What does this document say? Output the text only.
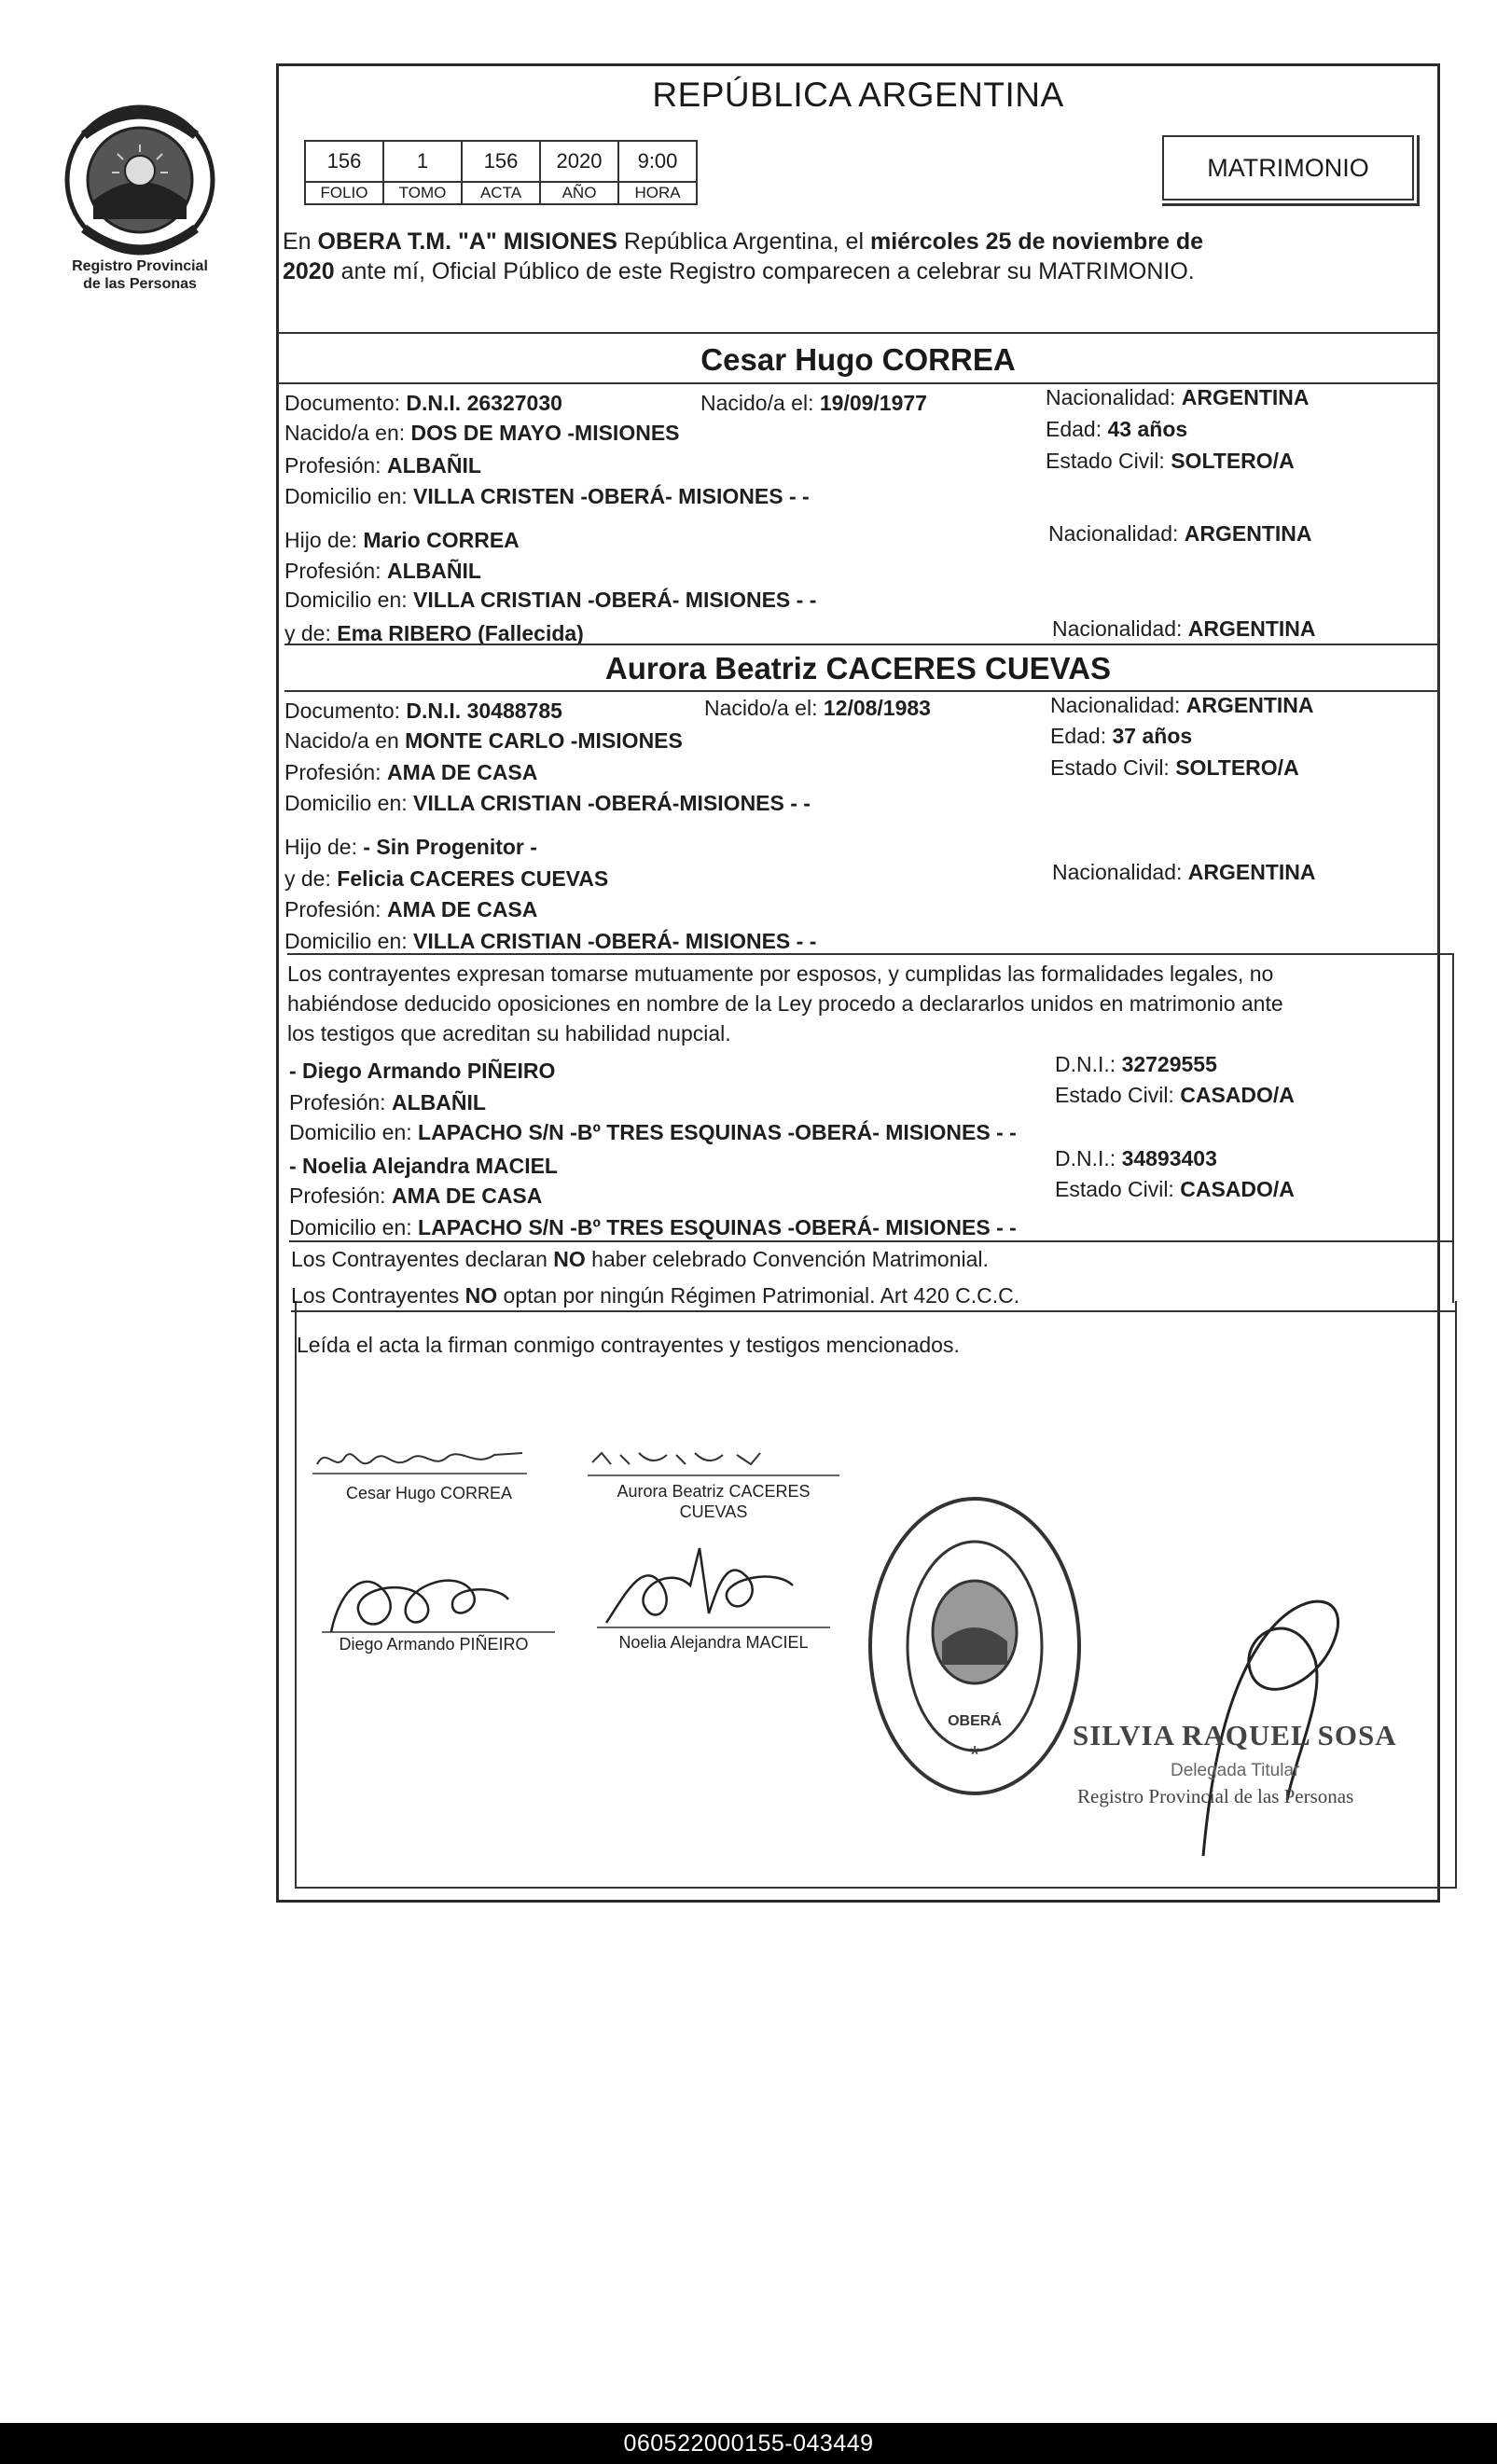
Registro Provincial
de las Personas
REPÚBLICA ARGENTINA
156	1	156	2020	9:00
FOLIO	TOMO	ACTA	AÑO	HORA
MATRIMONIO
En OBERA T.M. "A" MISIONES República Argentina, el miércoles 25 de noviembre de
2020 ante mí, Oficial Público de este Registro comparecen a celebrar su MATRIMONIO.
Cesar Hugo CORREA
Documento: D.N.I. 26327030	Nacido/a el: 19/09/1977	Nacionalidad: ARGENTINA
Nacido/a en: DOS DE MAYO -MISIONES	Edad: 43 años
Profesión: ALBAÑIL	Estado Civil: SOLTERO/A
Domicilio en: VILLA CRISTEN -OBERÁ- MISIONES - -
Hijo de: Mario CORREA	Nacionalidad: ARGENTINA
Profesión: ALBAÑIL
Domicilio en: VILLA CRISTIAN -OBERÁ- MISIONES - -
y de: Ema RIBERO (Fallecida)	Nacionalidad: ARGENTINA
Aurora Beatriz CACERES CUEVAS
Documento: D.N.I. 30488785	Nacido/a el: 12/08/1983	Nacionalidad: ARGENTINA
Nacido/a en MONTE CARLO -MISIONES	Edad: 37 años
Profesión: AMA DE CASA	Estado Civil: SOLTERO/A
Domicilio en: VILLA CRISTIAN -OBERÁ-MISIONES - -
Hijo de: - Sin Progenitor -
y de: Felicia CACERES CUEVAS	Nacionalidad: ARGENTINA
Profesión: AMA DE CASA
Domicilio en: VILLA CRISTIAN -OBERÁ- MISIONES - -
Los contrayentes expresan tomarse mutuamente por esposos, y cumplidas las formalidades legales, no
habiéndose deducido oposiciones en nombre de la Ley procedo a declararlos unidos en matrimonio ante
los testigos que acreditan su habilidad nupcial.
- Diego Armando PIÑEIRO	D.N.I.: 32729555
Profesión: ALBAÑIL	Estado Civil: CASADO/A
Domicilio en: LAPACHO S/N -Bº TRES ESQUINAS -OBERÁ- MISIONES - -
- Noelia Alejandra MACIEL	D.N.I.: 34893403
Profesión: AMA DE CASA	Estado Civil: CASADO/A
Domicilio en: LAPACHO S/N -Bº TRES ESQUINAS -OBERÁ- MISIONES - -
Los Contrayentes declaran NO haber celebrado Convención Matrimonial.
Los Contrayentes NO optan por ningún Régimen Patrimonial. Art 420 C.C.C.
Leída el acta la firman conmigo contrayentes y testigos mencionados.
Cesar Hugo CORREA	Aurora Beatriz CACERES
CUEVAS
Diego Armando PIÑEIRO	Noelia Alejandra MACIEL
OBERÁ
*
SILVIA RAQUEL SOSA
Delegada Titular
Registro Provincial de las Personas
060522000155-043449
